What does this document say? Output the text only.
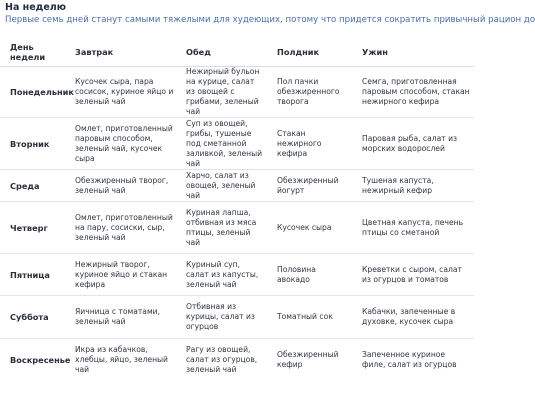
На неделю
Первые семь дней станут самыми тяжелыми для худеющих, потому что придется сократить привычный рацион до
День недели	Завтрак	Обед	Полдник	Ужин
Понедельник	Кусочек сыра, пара сосисок, куриное яйцо и зеленый чай	Нежирный бульон на курице, салат из овощей с грибами, зеленый чай	Пол пачки обезжиренного творога	Семга, приготовленная паровым способом, стакан нежирного кефира
Вторник	Омлет, приготовленный паровым способом, зеленый чай, кусочек сыра	Суп из овощей, грибы, тушеные под сметанной заливкой, зеленый чай	Стакан нежирного кефира	Паровая рыба, салат из морских водорослей
Среда	Обезжиренный творог, зеленый чай	Харчо, салат из овощей, зеленый чай	Обезжиренный йогурт	Тушеная капуста, нежирный кефир
Четверг	Омлет, приготовленный на пару, сосиски, сыр, зеленый чай	Куриная лапша, отбивная из мяса птицы, зеленый чай	Кусочек сыра	Цветная капуста, печень птицы со сметаной
Пятница	Нежирный творог, куриное яйцо и стакан кефира	Куриный суп, салат из капусты, зеленый чай	Половина авокадо	Креветки с сыром, салат из огурцов и томатов
Суббота	Яичница с томатами, зеленый чай	Отбивная из курицы, салат из огурцов	Томатный сок	Кабачки, запеченные в духовке, кусочек сыра
Воскресенье	Икра из кабачков, хлебцы, яйцо, зеленый чай	Рагу из овощей, салат из огурцов, зеленый чай	Обезжиренный кефир	Запеченное куриное филе, салат из огурцов
